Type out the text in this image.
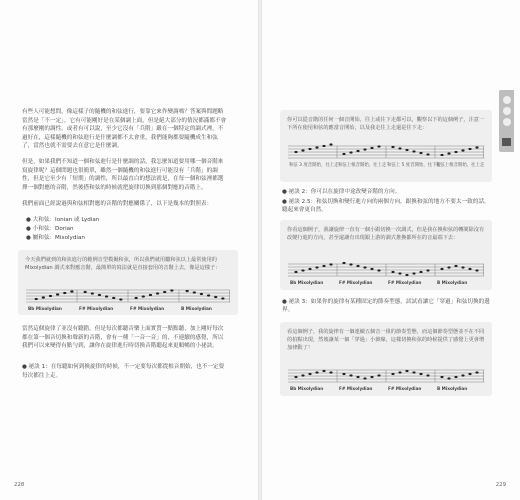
有些人可能想問，像這樣子的隨機的和弦進行，要靠它來作變調嗎？答案與問題略當然是「不一定」，它有可能剛好是在某個調上面，但是絕大部分的情況都滿都不會有那麼剛的調性，或者有可以說，至少它沒有「兵階」嚴在一個特定的調式裡。不過好在，這樣隨機的和弦進行是什麼調都不太會重，我們能夠都要隨機成生和弦了，當然也就不需要去在意它是什麼調。

但是，如果我們不知道一個和弦進行是什麼調的話，我怎麼知道要用哪一個音階來寫旋律呢？這個問題也很簡單，雖然一個隨機的和弦進行可能沒有「兵階」的調性，但是它至少有「短期」的調性，所以最直白的想法就是，在每一個和弦裡都選擇一個對應的音階，然後搭和弦的時候就把旋律切換到那個對應的音階上。

我們前面已經說過與和弦相對應的音階的對應關係了，以下是幾本的對照表：

● 大和弦：Ionian 或 Lydian
● 小和弦：Dorian
● 屬和弦：Mixolydian
今天我們就到的和弦進行的範例音型模擬和弦，所以我們就用屬和弦以上最常使用的 Mixolydian 調式來對應音階，最簡單的寫法就是直接套用的音階上去，像是這樣子：
Bb Mixolydian	F# Mixolydian	F# Mixolydian	B Mixolydian

當然這個旋律了並沒有聽錯，但是每次都聽音樂上面實質一點點聽，加上剛好每次都在第一個音切換和聲新的音階，會有一種「一音一音」的，不連續的感覺，所以我們可以來變得有點勻到，讓你在旋律進行時切換音階聽起來更順暢的小祕訣。

● 祕訣 1：在每聽如何到換旋律的時候，不一定要每次都從根音開始，也不一定要每次都往上走。
228
你可以從音階的任何一個音開始，往上或往下走都可以，觀察以下的這個例子，注意一下所在使用和弦的應當音開始，以及我走往上走還是往下走：
和弦 3 度音開始，往上走 和弦上根音開始，往上走 和弦上 5 度音開始，往下走
和弦上根音開始，往上走
● 祕訣 2：你可以在旋律中途改變音階的方向。
● 祕訣 2.5：和弦切換和變行進方向的兩個方向，跟換和弦的地方不要太一致的話，聽起來會更自然。
你看這個例子，我讓旋律一直有一個小跟切換一次調式，但是我在換和弦的轉間除沒有改變行進的方向，甚至還讓有出現跟上游的調式推換都所在的音最端下去：
Bb Mixolydian	F# Mixolydian	F# Mixolydian	B Mixolydian
● 祕訣 3：如果你的旋律有某種固定的節奏型態，試試看讓它「穿過」和弦切換的邊界。
看這個例子，我的旋律有一個連續五個音一組的節奏型態，而這個節奏型態並不在不同的拍點出現，然後讓某一個「穿過」小節線，這樣切換和弦的時候提供了感覺上更會增加律動了！
Bb Mixolydian	F# Mixolydian	F# Mixolydian	B Mixolydian
229
